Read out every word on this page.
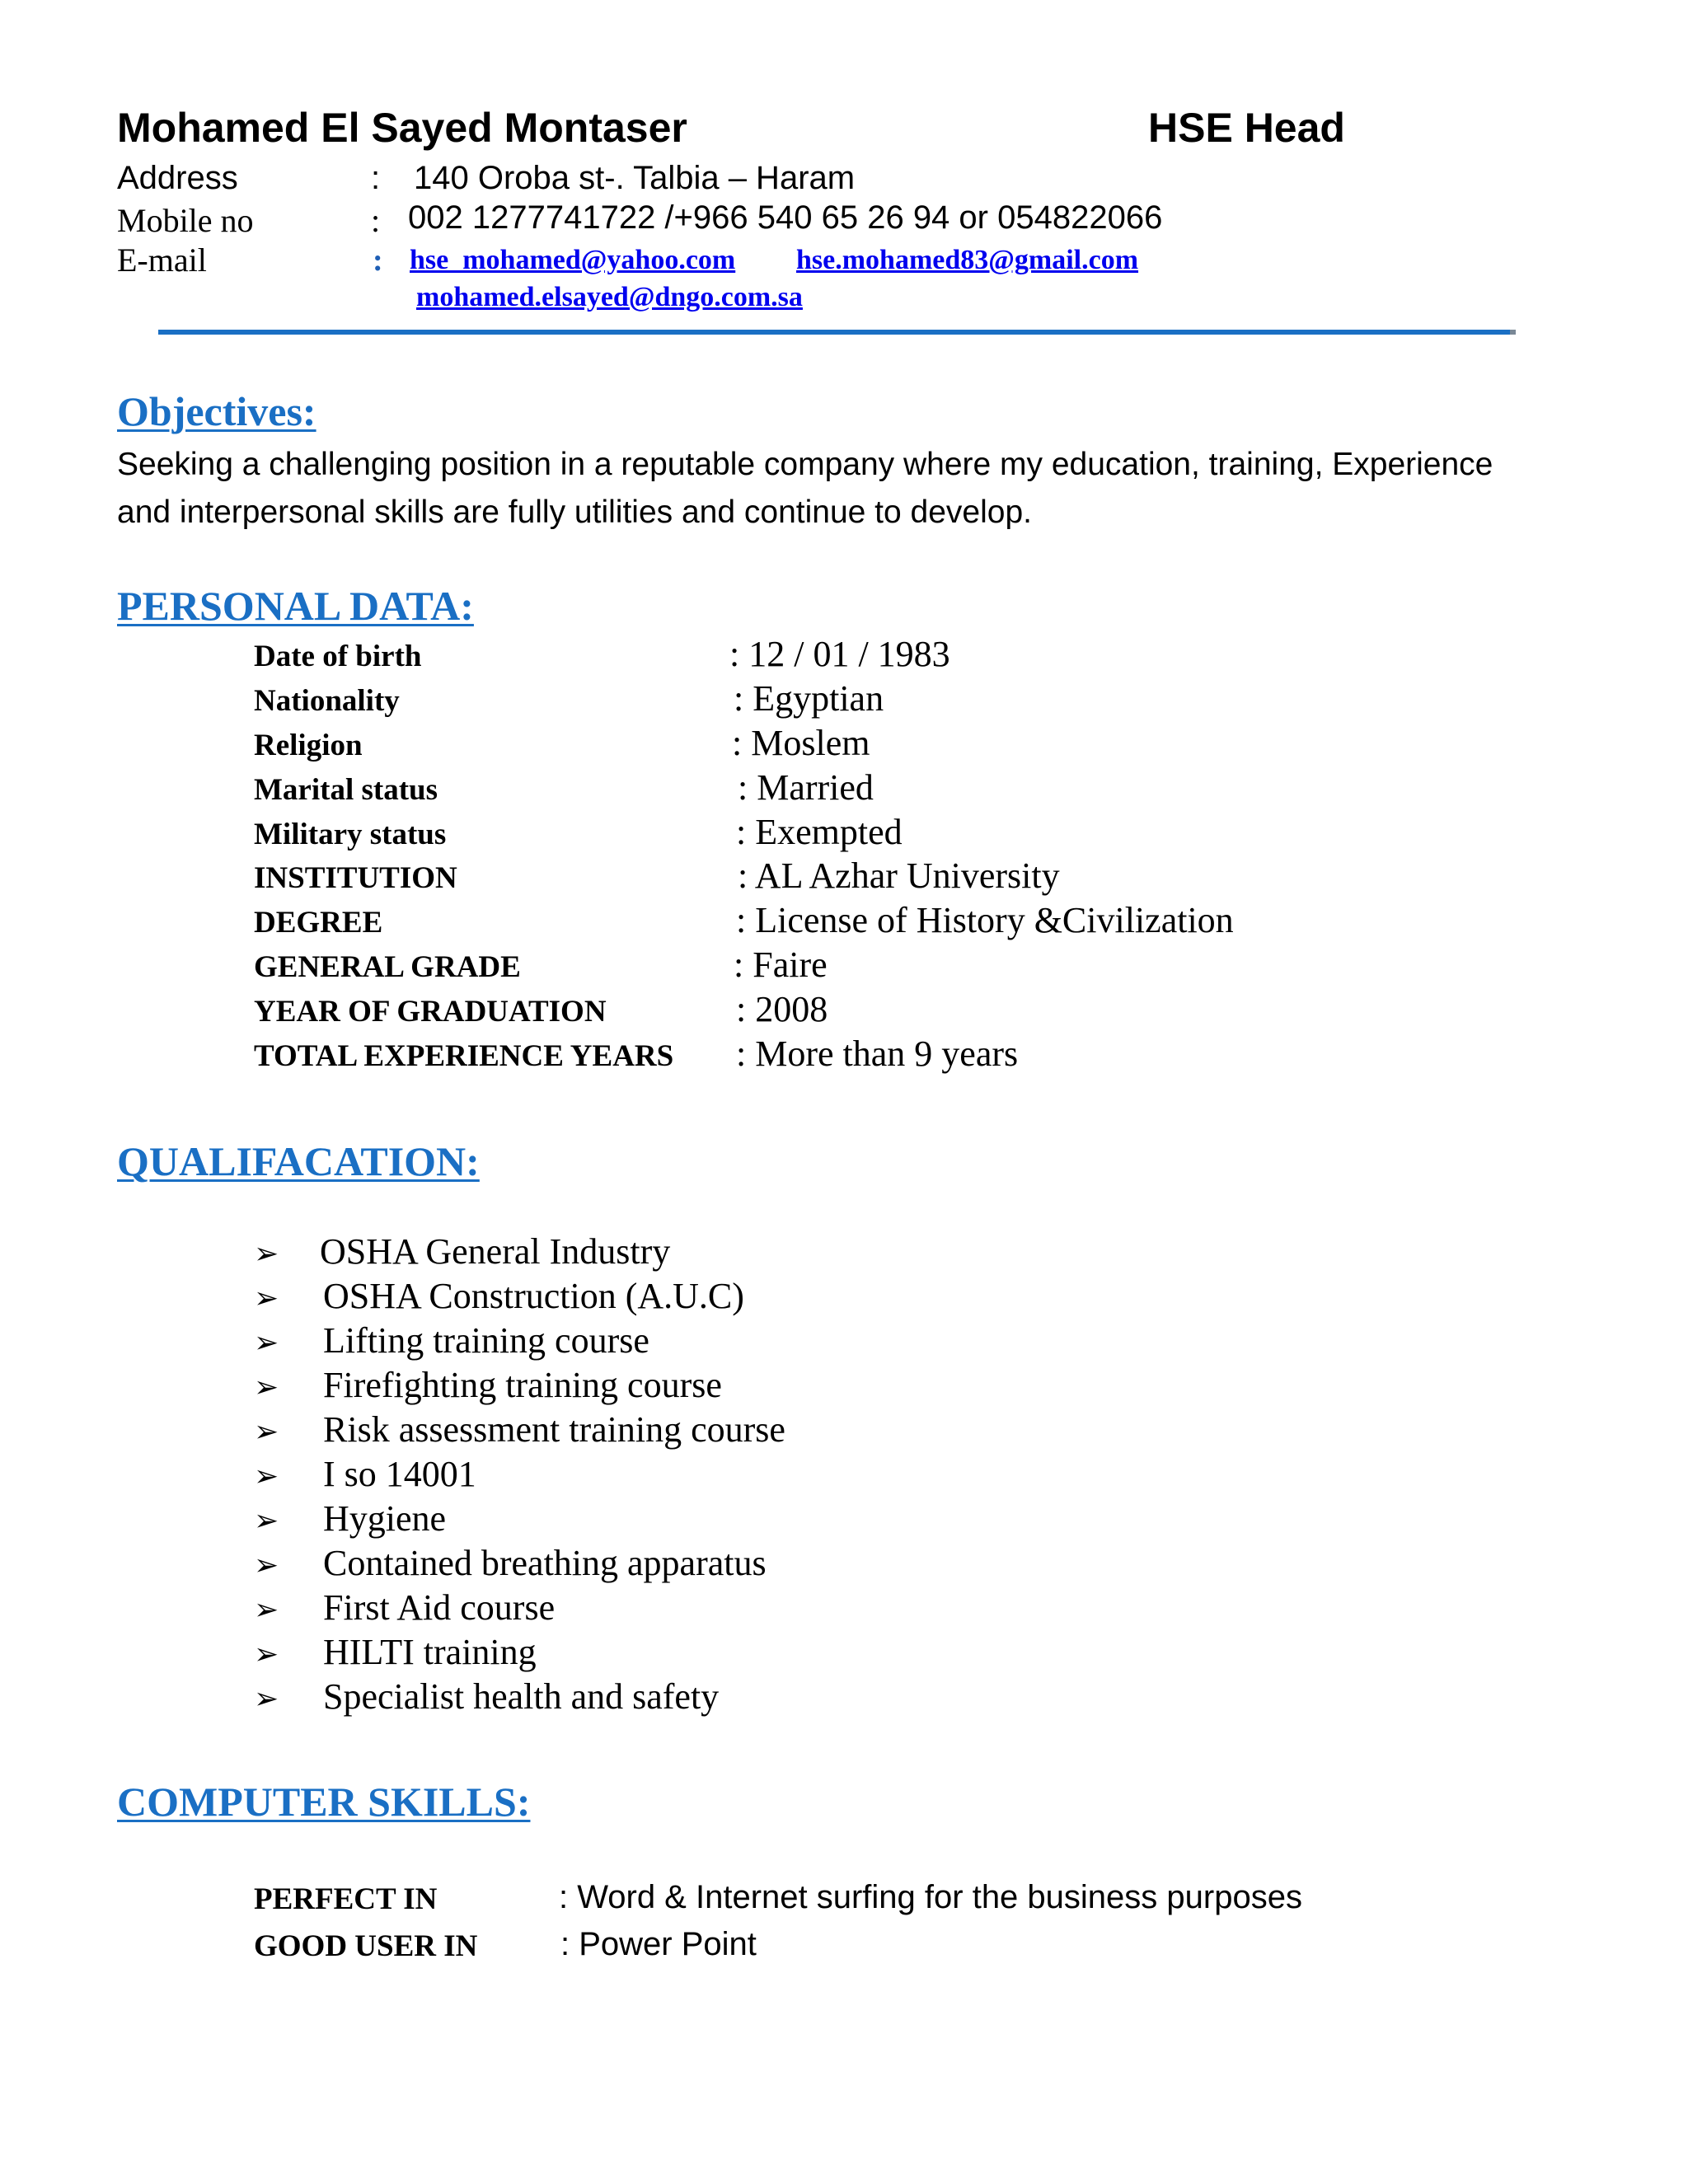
Mohamed El Sayed Montaser	HSE Head
Address	: 140 Oroba st-. Talbia – Haram
Mobile no	: 002 1277741722 /+966 540 65 26 94 or 054822066
E-mail	: hse_mohamed@yahoo.com hse.mohamed83@gmail.com
mohamed.elsayed@dngo.com.sa
Objectives:
Seeking a challenging position in a reputable company where my education, training, Experience and interpersonal skills are fully utilities and continue to develop.
PERSONAL DATA:
Date of birth	: 12 / 01 / 1983
Nationality	: Egyptian
Religion	: Moslem
Marital status	: Married
Military status	: Exempted
INSTITUTION	: AL Azhar University
DEGREE	: License of History &Civilization
GENERAL GRADE	: Faire
YEAR OF GRADUATION	: 2008
TOTAL EXPERIENCE YEARS : More than 9 years
QUALIFACATION:
➢ OSHA General Industry
➢ OSHA Construction (A.U.C)
➢ Lifting training course
➢ Firefighting training course
➢ Risk assessment training course
➢ I so 14001
➢ Hygiene
➢ Contained breathing apparatus
➢ First Aid course
➢ HILTI training
➢ Specialist health and safety
COMPUTER SKILLS:
PERFECT IN	: Word & Internet surfing for the business purposes
GOOD USER IN	: Power Point
